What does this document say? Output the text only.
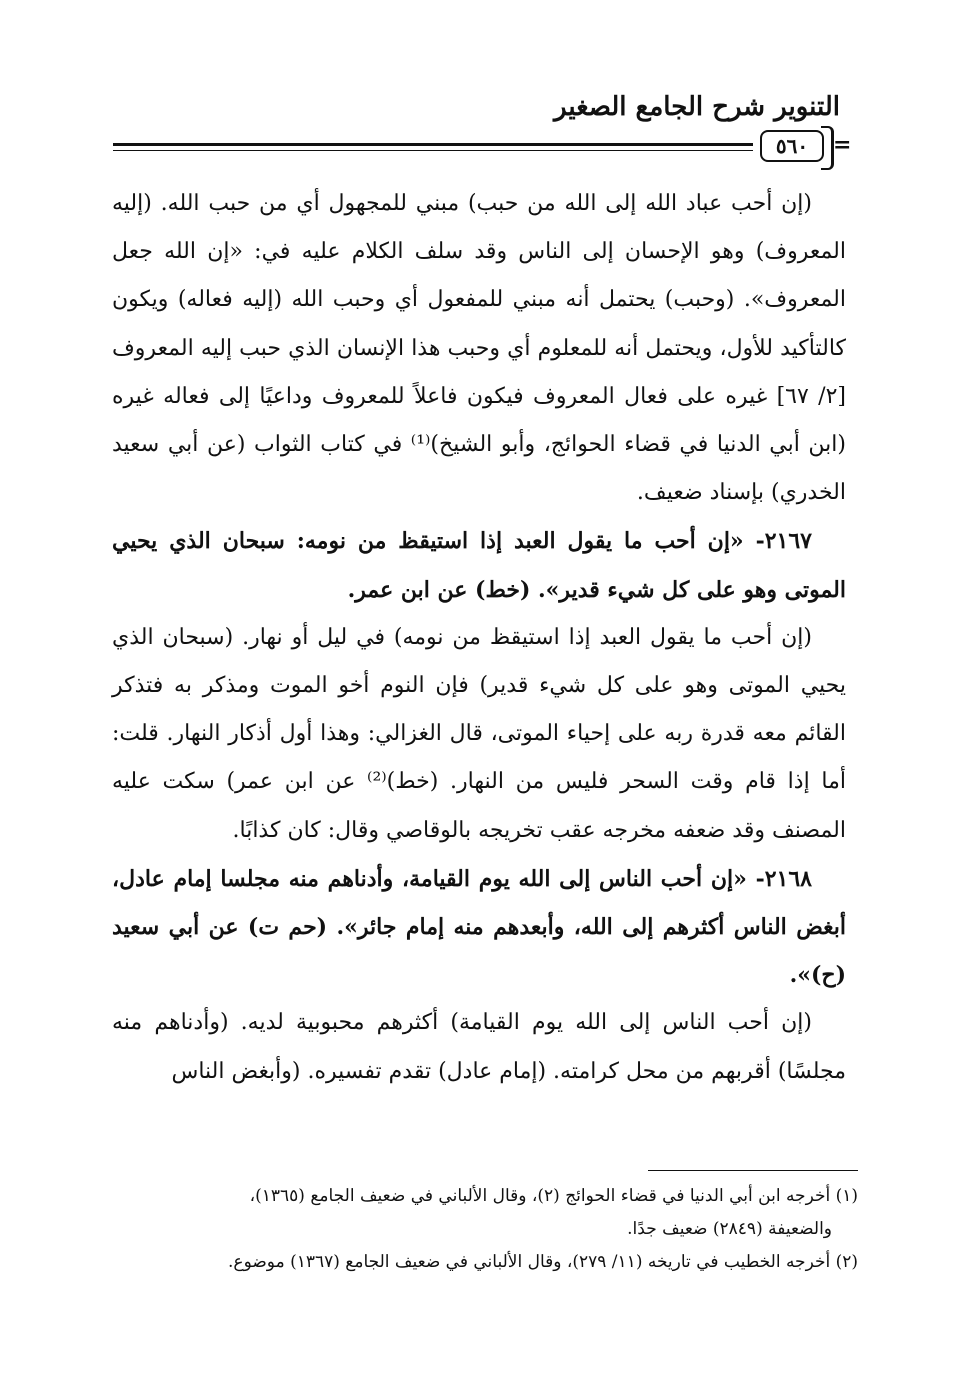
التنوير شرح الجامع الصغير
٥٦٠ =

(إن أحب عباد الله إلى الله من حبب) مبني للمجهول أي من حبب الله. (إليه المعروف) وهو الإحسان إلى الناس وقد سلف الكلام عليه في: «إن الله جعل المعروف». (وحبب) يحتمل أنه مبني للمفعول أي وحبب الله (إليه فعاله) ويكون كالتأكيد للأول، ويحتمل أنه للمعلوم أي وحبب هذا الإنسان الذي حبب إليه المعروف [٢/ ٦٧] غيره على فعال المعروف فيكون فاعلاً للمعروف وداعيًا إلى فعاله غيره (ابن أبي الدنيا في قضاء الحوائج، وأبو الشيخ)⁽¹⁾ في كتاب الثواب (عن أبي سعيد الخدري) بإسناد ضعيف.

٢١٦٧- «إن أحب ما يقول العبد إذا استيقظ من نومه: سبحان الذي يحيي الموتى وهو على كل شيء قدير». (خط) عن ابن عمر.

(إن أحب ما يقول العبد إذا استيقظ من نومه) في ليل أو نهار. (سبحان الذي يحيي الموتى وهو على كل شيء قدير) فإن النوم أخو الموت ومذكر به فتذكر القائم معه قدرة ربه على إحياء الموتى، قال الغزالي: وهذا أول أذكار النهار. قلت: أما إذا قام وقت السحر فليس من النهار. (خط)⁽²⁾ عن ابن عمر) سكت عليه المصنف وقد ضعفه مخرجه عقب تخريجه بالوقاصي وقال: كان كذابًا.

٢١٦٨- «إن أحب الناس إلى الله يوم القيامة، وأدناهم منه مجلسا إمام عادل، أبغض الناس أكثرهم إلى الله، وأبعدهم منه إمام جائر». (حم ت) عن أبي سعيد (ح)».

(إن أحب الناس إلى الله يوم القيامة) أكثرهم محبوبية لديه. (وأدناهم منه مجلسًا) أقربهم من محل كرامته. (إمام عادل) تقدم تفسيره. (وأبغض الناس

(١) أخرجه ابن أبي الدنيا في قضاء الحوائج (٢)، وقال الألباني في ضعيف الجامع (١٣٦٥)،
والضعيفة (٢٨٤٩) ضعيف جدًا.

(٢) أخرجه الخطيب في تاريخه (١١/ ٢٧٩)، وقال الألباني في ضعيف الجامع (١٣٦٧) موضوع.
